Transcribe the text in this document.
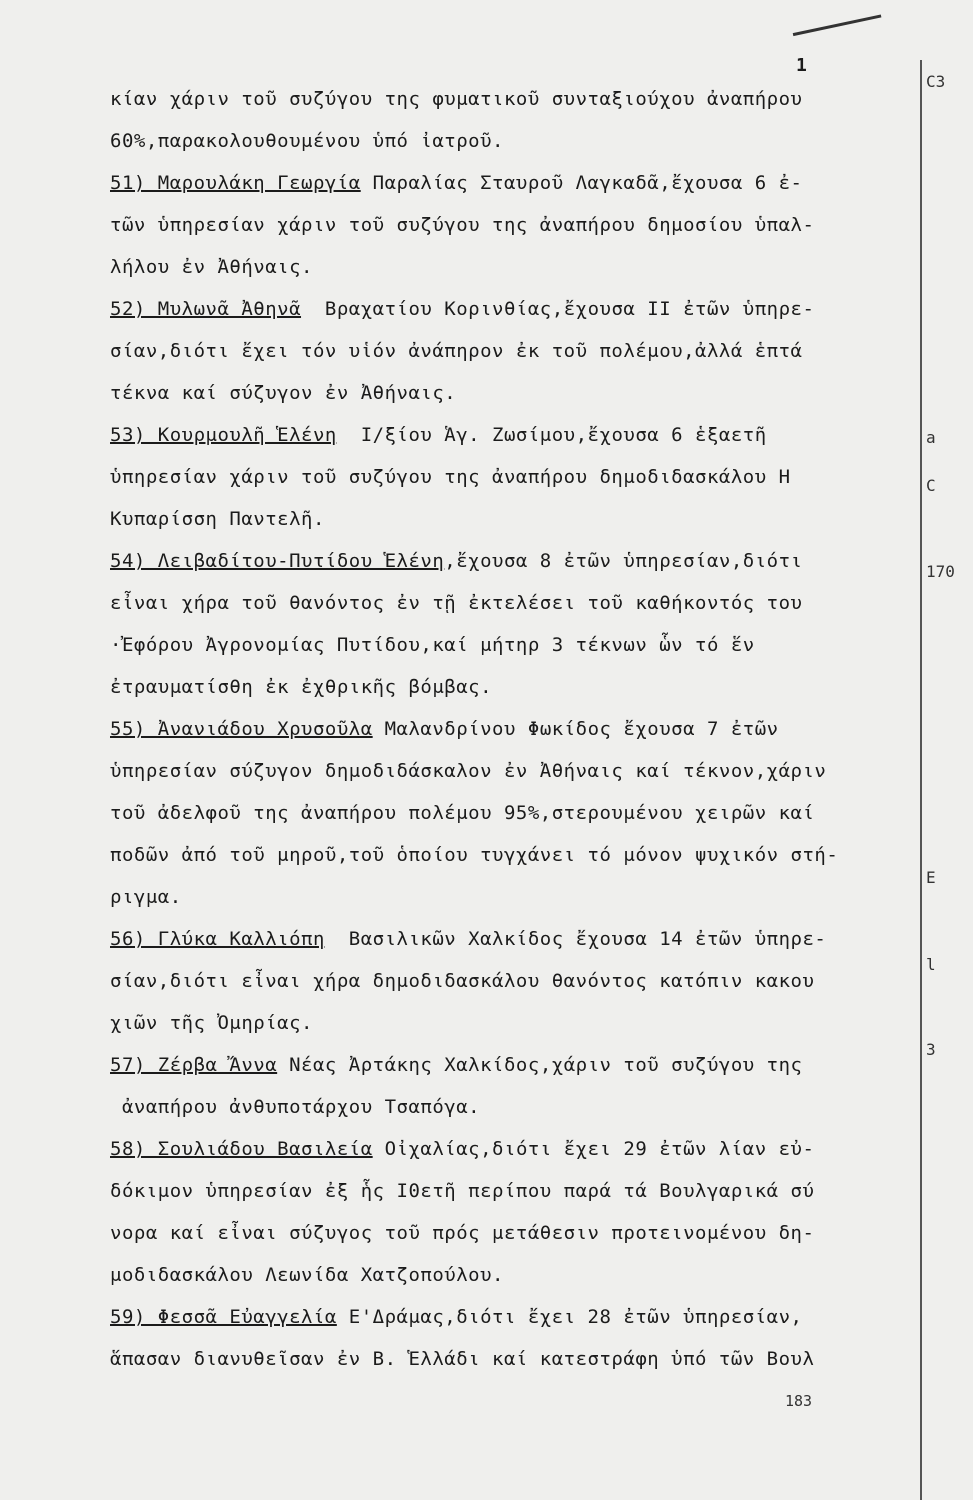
1
κίαν χάριν τοῦ συζύγου της φυματικοῦ συνταξιούχου ἀναπήρου
60%,παρακολουθουμένου ὑπό ἰατροῦ.
51) Μαρουλάκη Γεωργία Παραλίας Σταυροῦ Λαγκαδᾶ,ἔχουσα 6 ἐ-
τῶν ὑπηρεσίαν χάριν τοῦ συζύγου της ἀναπήρου δημοσίου ὑπαλ-
λήλου ἐν Ἀθήναις.
52) Μυλωνᾶ Ἀθηνᾶ  Βραχατίου Κορινθίας,ἔχουσα ΙΙ ἐτῶν ὑπηρε-
σίαν,διότι ἔχει τόν υἱόν ἀνάπηρον ἐκ τοῦ πολέμου,ἀλλά ἑπτά
τέκνα καί σύζυγον ἐν Ἀθήναις.
53) Κουρμουλῆ Ἑλένη  Ι/ξίου Ἁγ. Ζωσίμου,ἔχουσα 6 ἑξαετῆ
ὑπηρεσίαν χάριν τοῦ συζύγου της ἀναπήρου δημοδιδασκάλου Η
Κυπαρίσση Παντελῆ.
54) Λειβαδίτου-Πυτίδου Ἑλένη,ἔχουσα 8 ἐτῶν ὑπηρεσίαν,διότι
εἶναι χήρα τοῦ θανόντος ἐν τῇ ἐκτελέσει τοῦ καθήκοντός του
·Ἐφόρου Ἀγρονομίας Πυτίδου,καί μήτηρ 3 τέκνων ὧν τό ἕν
ἐτραυματίσθη ἐκ ἐχθρικῆς βόμβας.
55) Ἀνανιάδου Χρυσοῦλα Μαλανδρίνου Φωκίδος ἔχουσα 7 ἐτῶν
ὑπηρεσίαν σύζυγον δημοδιδάσκαλον ἐν Ἀθήναις καί τέκνον,χάριν
τοῦ ἀδελφοῦ της ἀναπήρου πολέμου 95%,στερουμένου χειρῶν καί
ποδῶν ἀπό τοῦ μηροῦ,τοῦ ὁποίου τυγχάνει τό μόνον ψυχικόν στή-
ριγμα.
56) Γλύκα Καλλιόπη  Βασιλικῶν Χαλκίδος ἔχουσα 14 ἐτῶν ὑπηρε-
σίαν,διότι εἶναι χήρα δημοδιδασκάλου θανόντος κατόπιν κακου
χιῶν τῆς Ὀμηρίας.
57) Ζέρβα Ἄννα Νέας Ἀρτάκης Χαλκίδος,χάριν τοῦ συζύγου της
ἀναπήρου ἀνθυποτάρχου Τσαπόγα.
58) Σουλιάδου Βασιλεία Οἰχαλίας,διότι ἔχει 29 ἐτῶν λίαν εὐ-
δόκιμον ὑπηρεσίαν ἐξ ἧς Ι0ετῆ περίπου παρά τά Βουλγαρικά σύ
νορα καί εἶναι σύζυγος τοῦ πρός μετάθεσιν προτεινομένου δη-
μοδιδασκάλου Λεωνίδα Χατζοπούλου.
59) Φεσσᾶ Εὐαγγελία Ε'Δράμας,διότι ἔχει 28 ἐτῶν ὑπηρεσίαν,
ἅπασαν διανυθεῖσαν ἐν Β. Ἑλλάδι καί κατεστράφη ὑπό τῶν Βουλ
C3
a
C
170
E
l
3
183
